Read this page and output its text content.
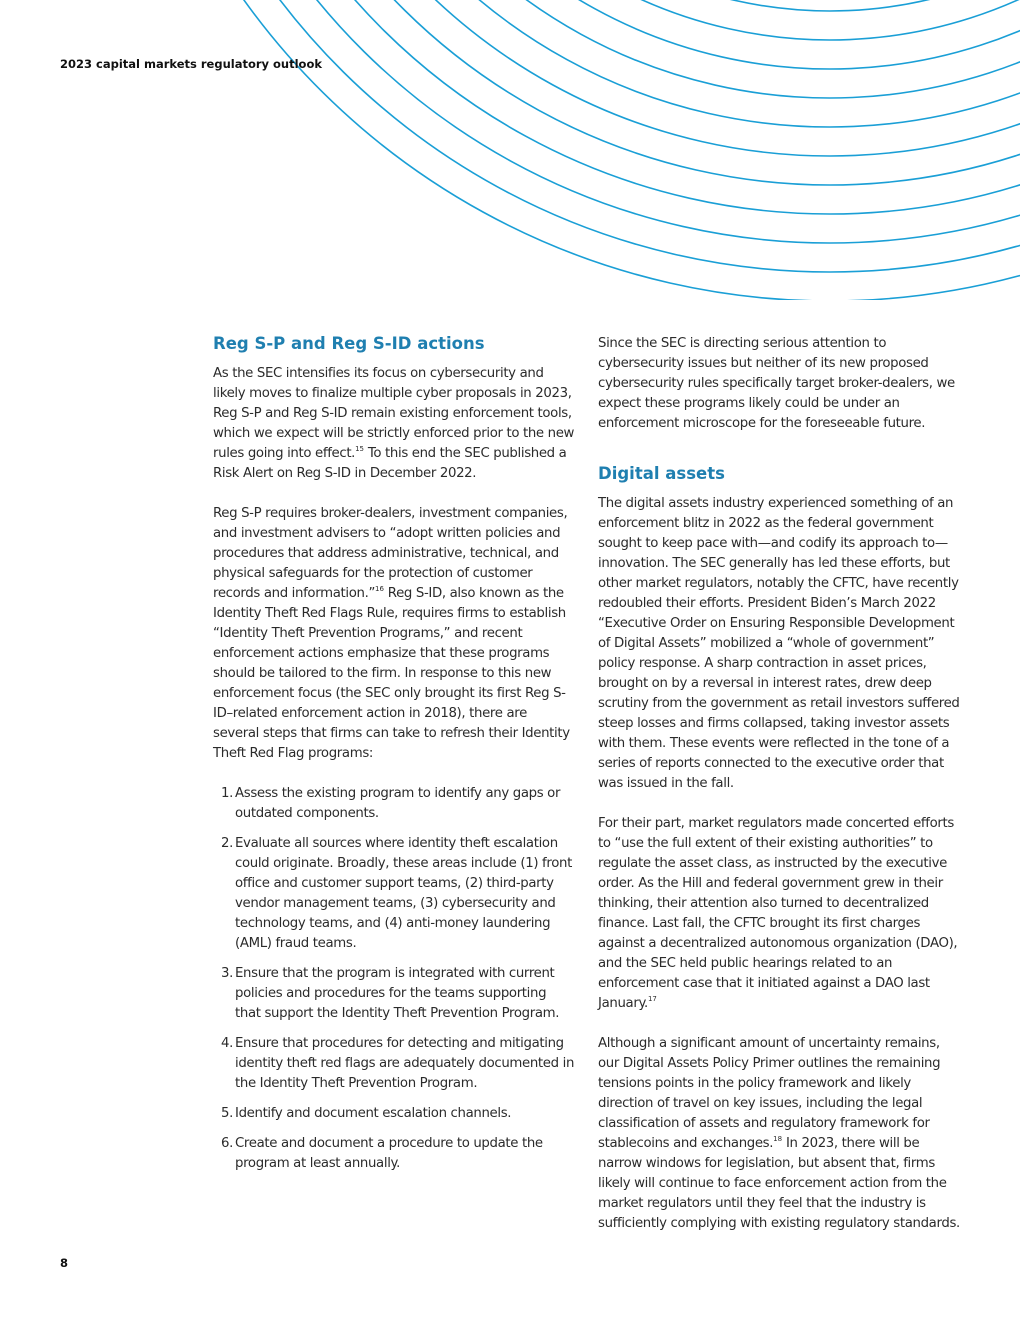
2023 capital markets regulatory outlook
Reg S-P and Reg S-ID actions

As the SEC intensifies its focus on cybersecurity and likely moves to finalize multiple cyber proposals in 2023, Reg S-P and Reg S-ID remain existing enforcement tools, which we expect will be strictly enforced prior to the new rules going into effect.$^{15}$ To this end the SEC published a Risk Alert on Reg S-ID in December 2022.

Reg S-P requires broker-dealers, investment companies, and investment advisers to “adopt written policies and procedures that address administrative, technical, and physical safeguards for the protection of customer records and information.”$^{16}$ Reg S-ID, also known as the Identity Theft Red Flags Rule, requires firms to establish “Identity Theft Prevention Programs,” and recent enforcement actions emphasize that these programs should be tailored to the firm. In response to this new enforcement focus (the SEC only brought its first Reg S-ID–related enforcement action in 2018), there are several steps that firms can take to refresh their Identity Theft Red Flag programs:

1. Assess the existing program to identify any gaps or outdated components.
2. Evaluate all sources where identity theft escalation could originate. Broadly, these areas include (1) front office and customer support teams, (2) third-party vendor management teams, (3) cybersecurity and technology teams, and (4) anti-money laundering (AML) fraud teams.
3. Ensure that the program is integrated with current policies and procedures for the teams supporting that support the Identity Theft Prevention Program.
4. Ensure that procedures for detecting and mitigating identity theft red flags are adequately documented in the Identity Theft Prevention Program.
5. Identify and document escalation channels.
6. Create and document a procedure to update the program at least annually.

Since the SEC is directing serious attention to cybersecurity issues but neither of its new proposed cybersecurity rules specifically target broker-dealers, we expect these programs likely could be under an enforcement microscope for the foreseeable future.

Digital assets

The digital assets industry experienced something of an enforcement blitz in 2022 as the federal government sought to keep pace with—and codify its approach to—innovation. The SEC generally has led these efforts, but other market regulators, notably the CFTC, have recently redoubled their efforts. President Biden’s March 2022 “Executive Order on Ensuring Responsible Development of Digital Assets” mobilized a “whole of government” policy response. A sharp contraction in asset prices, brought on by a reversal in interest rates, drew deep scrutiny from the government as retail investors suffered steep losses and firms collapsed, taking investor assets with them. These events were reflected in the tone of a series of reports connected to the executive order that was issued in the fall.

For their part, market regulators made concerted efforts to “use the full extent of their existing authorities” to regulate the asset class, as instructed by the executive order. As the Hill and federal government grew in their thinking, their attention also turned to decentralized finance. Last fall, the CFTC brought its first charges against a decentralized autonomous organization (DAO), and the SEC held public hearings related to an enforcement case that it initiated against a DAO last January.$^{17}$

Although a significant amount of uncertainty remains, our Digital Assets Policy Primer outlines the remaining tensions points in the policy framework and likely direction of travel on key issues, including the legal classification of assets and regulatory framework for stablecoins and exchanges.$^{18}$ In 2023, there will be narrow windows for legislation, but absent that, firms likely will continue to face enforcement action from the market regulators until they feel that the industry is sufficiently complying with existing regulatory standards.

8
